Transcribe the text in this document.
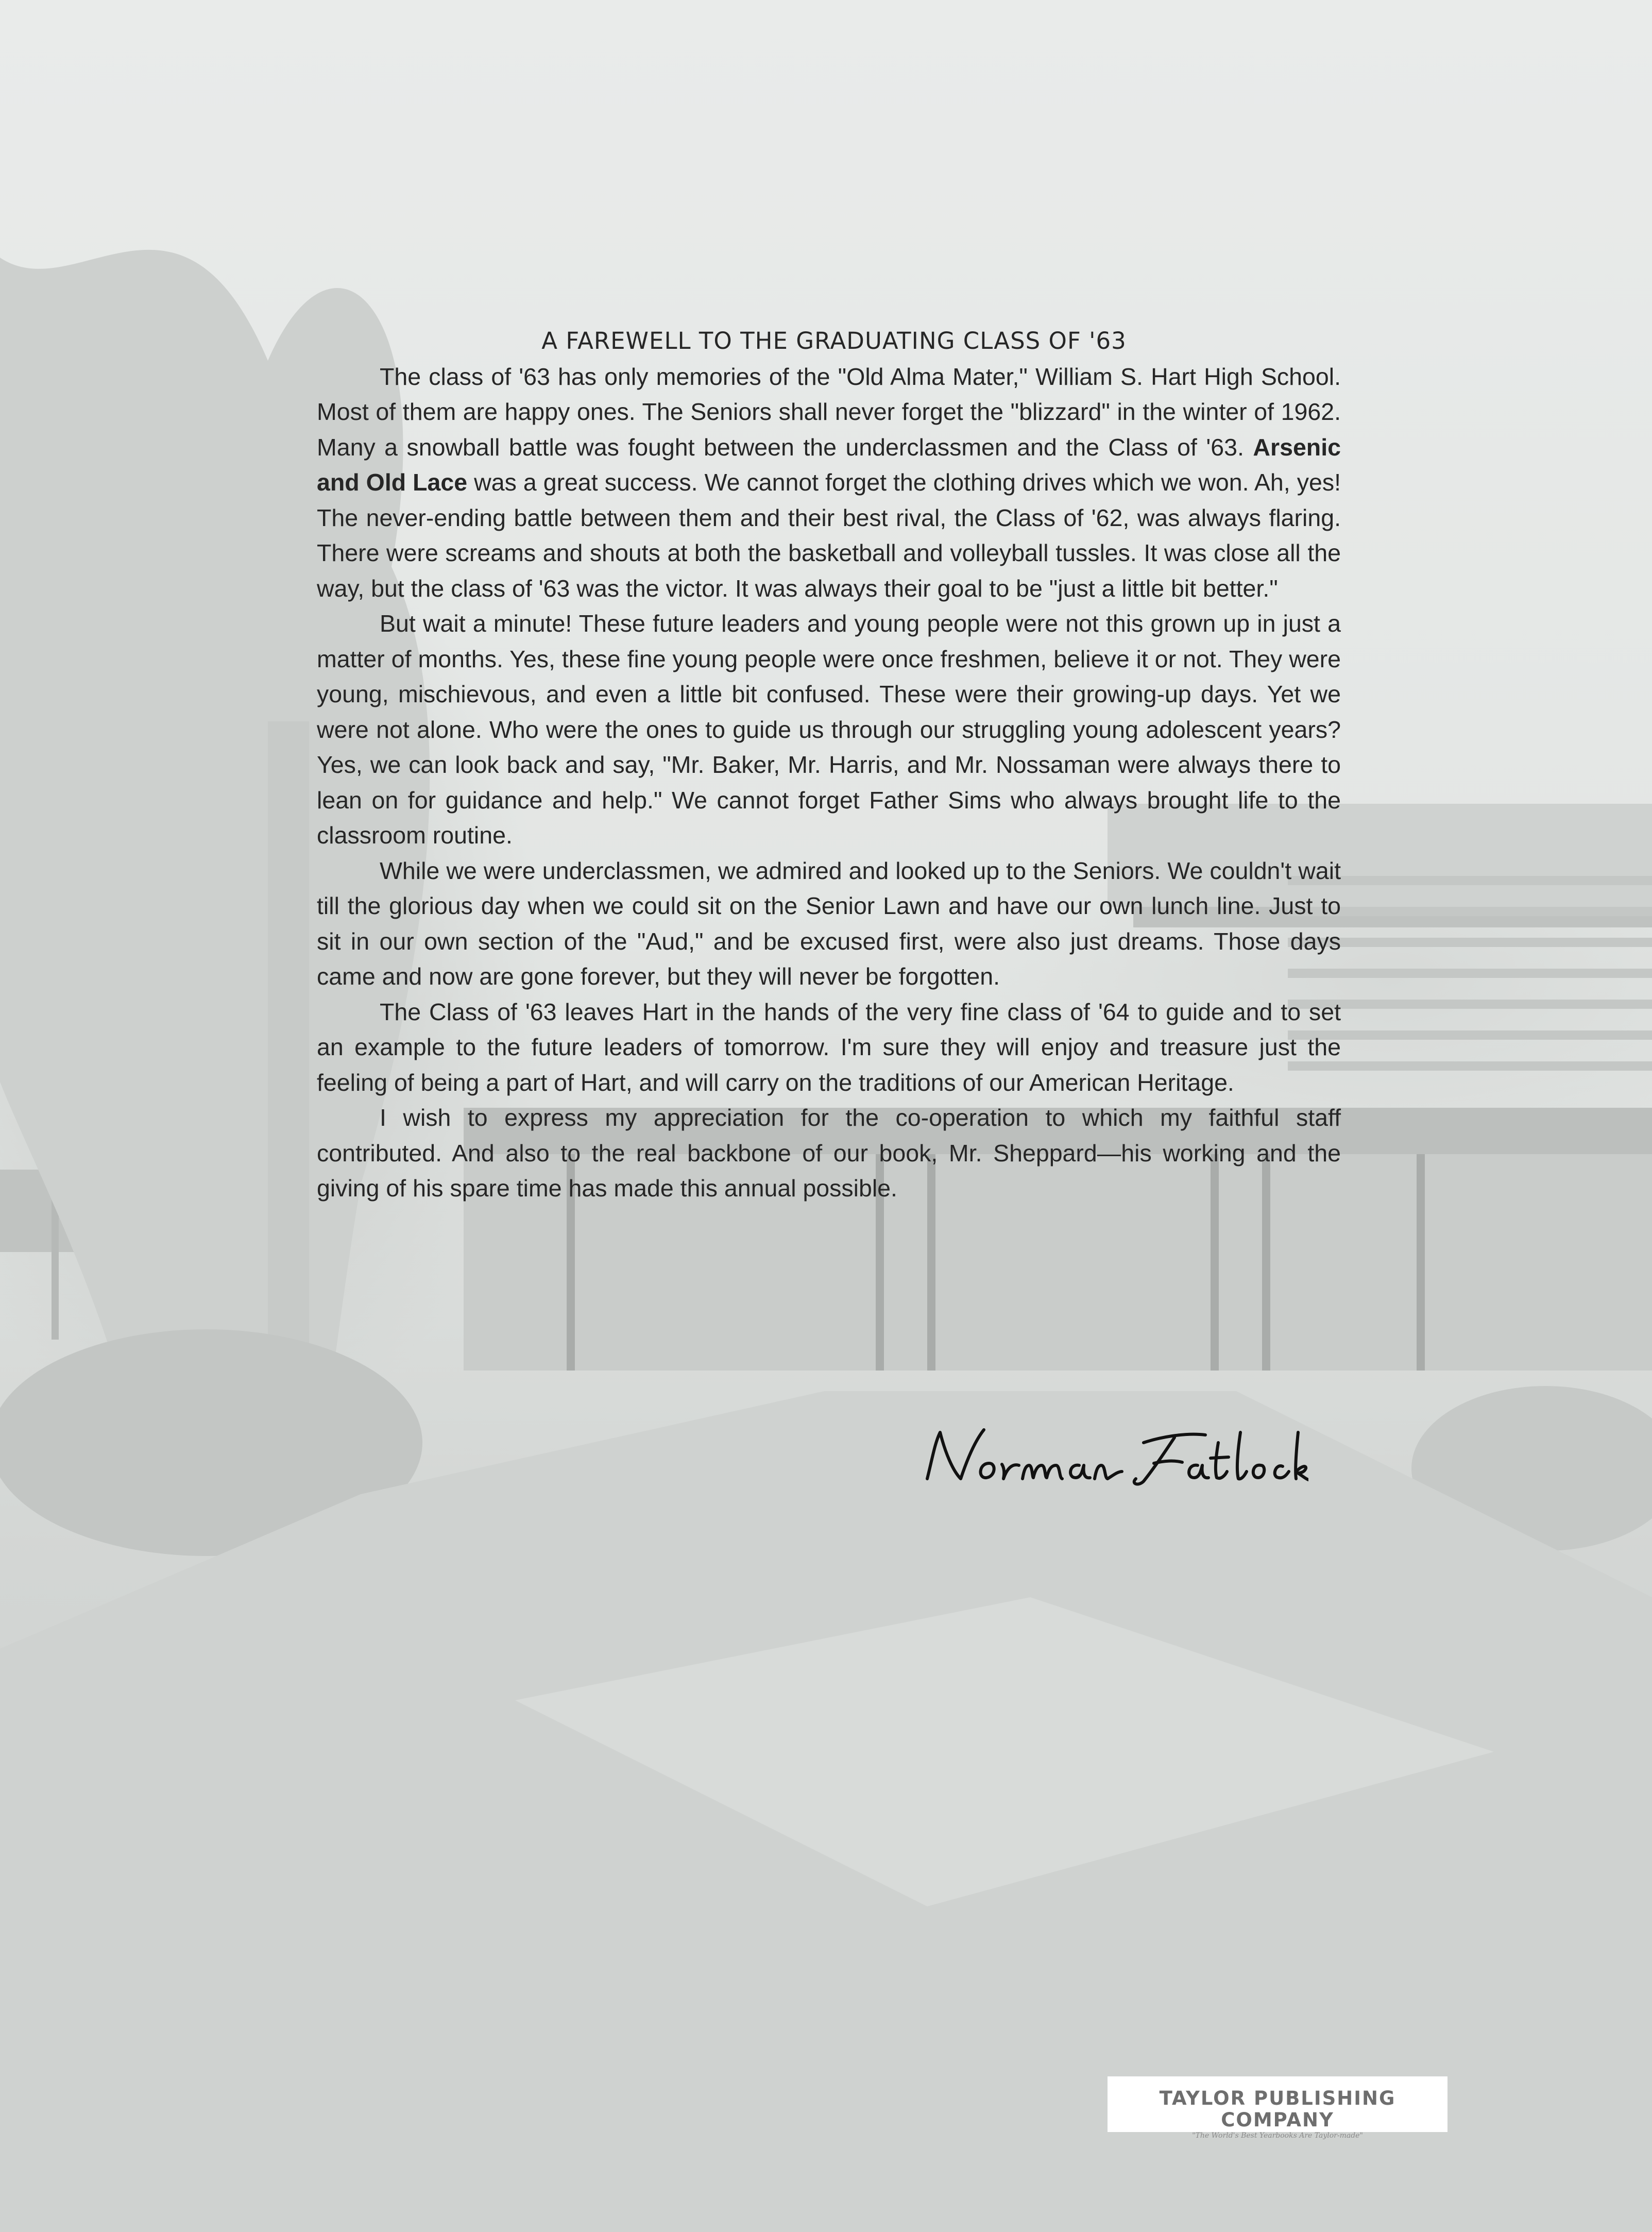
A FAREWELL TO THE GRADUATING CLASS OF '63

The class of '63 has only memories of the "Old Alma Mater," William S. Hart High School. Most of them are happy ones. The Seniors shall never forget the "blizzard" in the winter of 1962. Many a snowball battle was fought between the underclassmen and the Class of '63. Arsenic and Old Lace was a great success. We cannot forget the clothing drives which we won. Ah, yes! The never-ending battle between them and their best rival, the Class of '62, was always flaring. There were screams and shouts at both the basketball and volleyball tussles. It was close all the way, but the class of '63 was the victor. It was always their goal to be "just a little bit better."

But wait a minute! These future leaders and young people were not this grown up in just a matter of months. Yes, these fine young people were once freshmen, believe it or not. They were young, mischievous, and even a little bit confused. These were their growing-up days. Yet we were not alone. Who were the ones to guide us through our struggling young adolescent years? Yes, we can look back and say, "Mr. Baker, Mr. Harris, and Mr. Nossaman were always there to lean on for guidance and help." We cannot forget Father Sims who always brought life to the classroom routine.

While we were underclassmen, we admired and looked up to the Seniors. We couldn't wait till the glorious day when we could sit on the Senior Lawn and have our own lunch line. Just to sit in our own section of the "Aud," and be excused first, were also just dreams. Those days came and now are gone forever, but they will never be forgotten.

The Class of '63 leaves Hart in the hands of the very fine class of '64 to guide and to set an example to the future leaders of tomorrow. I'm sure they will enjoy and treasure just the feeling of being a part of Hart, and will carry on the traditions of our American Heritage.

I wish to express my appreciation for the co-operation to which my faithful staff contributed. And also to the real backbone of our book, Mr. Sheppard—his working and the giving of his spare time has made this annual possible.

TAYLOR PUBLISHING COMPANY
"The World's Best Yearbooks Are Taylor-made"
